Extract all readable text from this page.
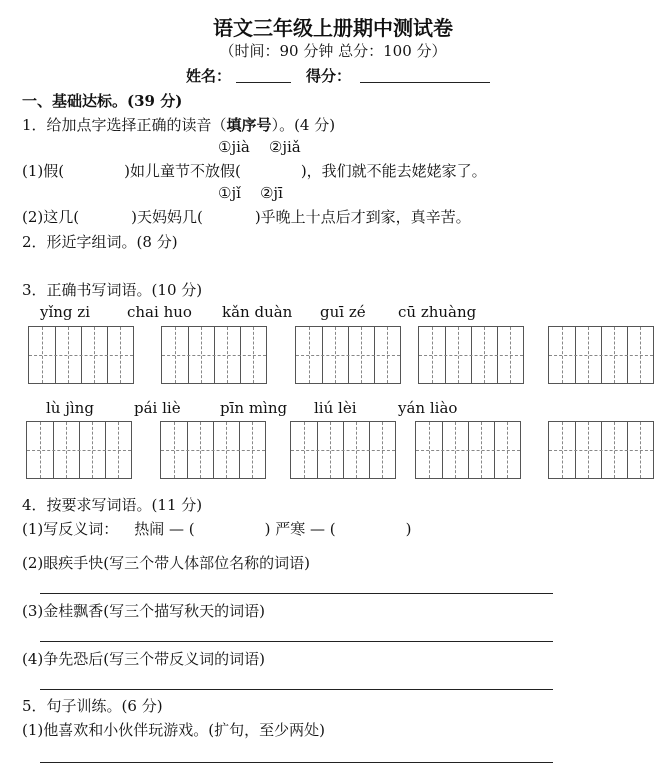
语文三年级上册期中测试卷
（时间：90 分钟 总分：100 分）
姓名：	得分：
一、基础达标。(39 分)
1．给加点字选择正确的读音（填序号）。(4 分)
①jià    ②jiǎ
(1)假(	)如儿童节不放假(	)，我们就不能去姥姥家了。
①jǐ    ②jī
(2)这几(	)天妈妈几(	)乎晚上十点后才到家，真辛苦。
2．形近字组词。(8 分)
3．正确书写词语。(10 分)
yǐng zi chai huo kǎn duàn guī zé cū zhuàng
lù jìng	pái liè	pīn mìng liú lèi	yán liào
4．按要求写词语。(11 分)
(1)写反义词： 热闹 — (	) 严寒 — (	)
(2)眼疾手快(写三个带人体部位名称的词语)
(3)金桂飘香(写三个描写秋天的词语)
(4)争先恐后(写三个带反义词的词语)
5．句子训练。(6 分)
(1)他喜欢和小伙伴玩游戏。(扩句，至少两处)
